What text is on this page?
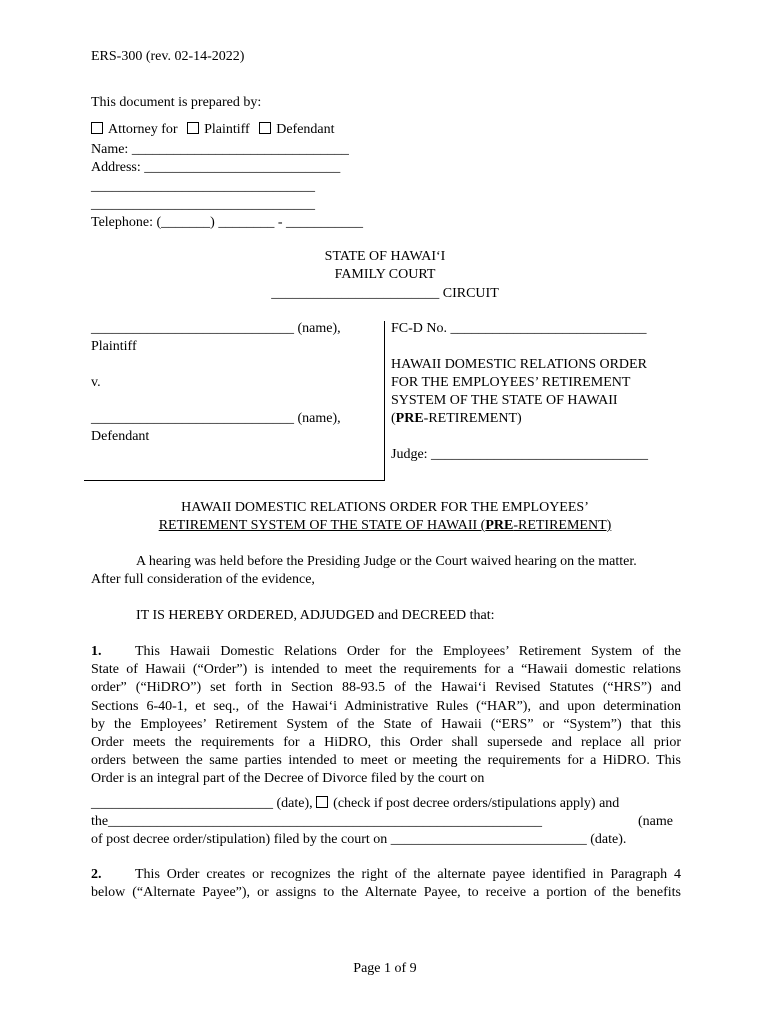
ERS-300 (rev. 02-14-2022)
This document is prepared by:
Attorney for Plaintiff Defendant
Name: _______________________________
Address: ____________________________
________________________________
________________________________
Telephone: (_______) ________ - ___________
STATE OF HAWAI‘I
FAMILY COURT
________________________ CIRCUIT
_____________________________ (name),
Plaintiff
v.
_____________________________ (name),
Defendant
FC-D No. ____________________________
HAWAII DOMESTIC RELATIONS ORDER
FOR THE EMPLOYEES’ RETIREMENT
SYSTEM OF THE STATE OF HAWAII
(PRE-RETIREMENT)
Judge: _______________________________
HAWAII DOMESTIC RELATIONS ORDER FOR THE EMPLOYEES’
RETIREMENT SYSTEM OF THE STATE OF HAWAII (PRE-RETIREMENT)
A hearing was held before the Presiding Judge or the Court waived hearing on the matter.
After full consideration of the evidence,
IT IS HEREBY ORDERED, ADJUDGED and DECREED that:
1. This Hawaii Domestic Relations Order for the Employees’ Retirement System of the
State of Hawaii (“Order”) is intended to meet the requirements for a “Hawaii domestic relations
order” (“HiDRO”) set forth in Section 88-93.5 of the Hawai‘i Revised Statutes (“HRS”) and
Sections 6-40-1, et seq., of the Hawai‘i Administrative Rules (“HAR”), and upon determination
by the Employees’ Retirement System of the State of Hawaii (“ERS” or “System”) that this
Order meets the requirements for a HiDRO, this Order shall supersede and replace all prior
orders between the same parties intended to meet or meeting the requirements for a HiDRO. This
Order is an integral part of the Decree of Divorce filed by the court on
__________________________ (date), (check if post decree orders/stipulations apply) and
the ______________________________________________________________	(name
of post decree order/stipulation) filed by the court on ____________________________ (date).
2. This Order creates or recognizes the right of the alternate payee identified in Paragraph 4
below (“Alternate Payee”), or assigns to the Alternate Payee, to receive a portion of the benefits
Page 1 of 9
